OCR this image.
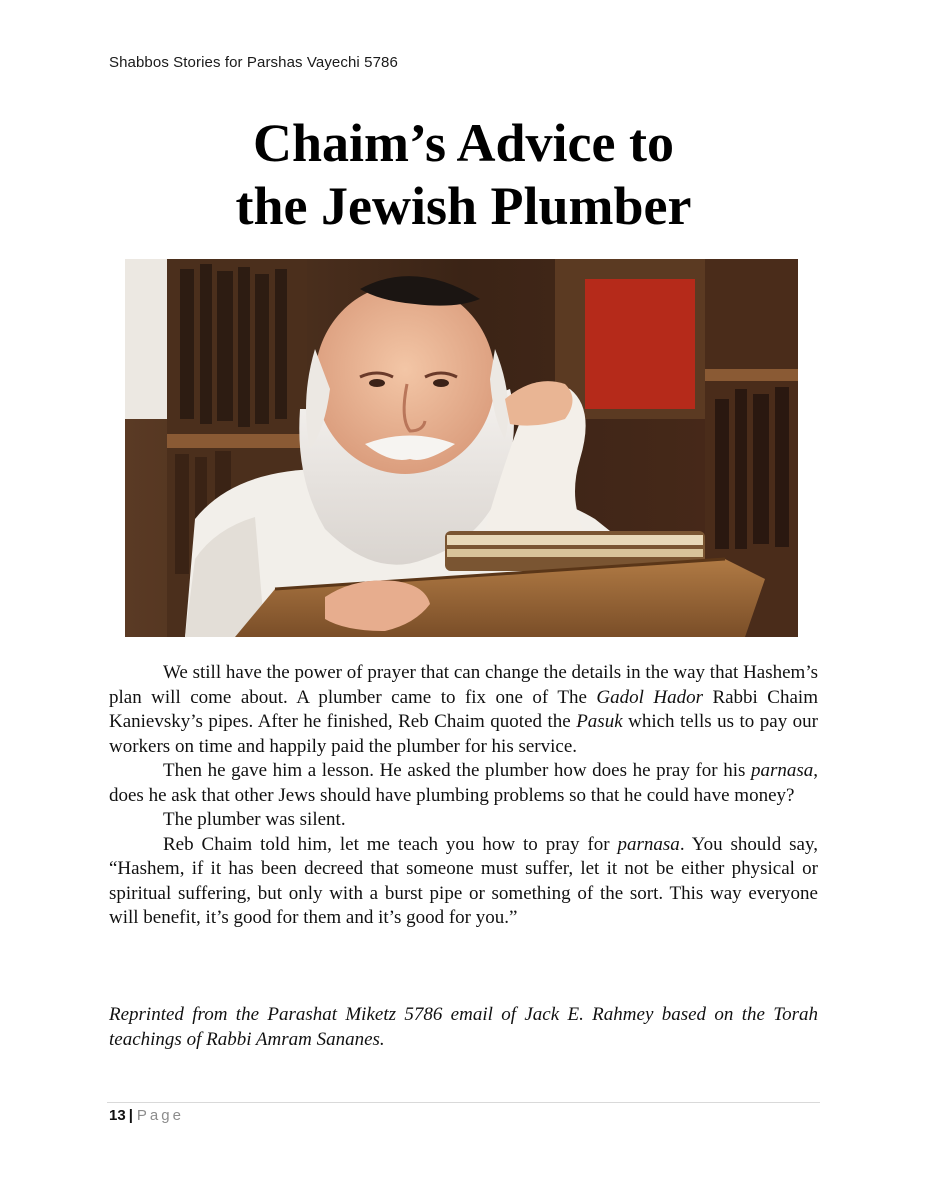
Shabbos Stories for Parshas Vayechi 5786
Chaim’s Advice to
the Jewish Plumber

We still have the power of prayer that can change the details in the way that Hashem’s plan will come about. A plumber came to fix one of The Gadol Hador Rabbi Chaim Kanievsky’s pipes. After he finished, Reb Chaim quoted the Pasuk which tells us to pay our workers on time and happily paid the plumber for his service.

Then he gave him a lesson. He asked the plumber how does he pray for his parnasa, does he ask that other Jews should have plumbing problems so that he could have money?

The plumber was silent.

Reb Chaim told him, let me teach you how to pray for parnasa. You should say, “Hashem, if it has been decreed that someone must suffer, let it not be either physical or spiritual suffering, but only with a burst pipe or something of the sort. This way everyone will benefit, it’s good for them and it’s good for you.”

Reprinted from the Parashat Miketz 5786 email of Jack E. Rahmey based on the Torah teachings of Rabbi Amram Sananes.
13 | Page
